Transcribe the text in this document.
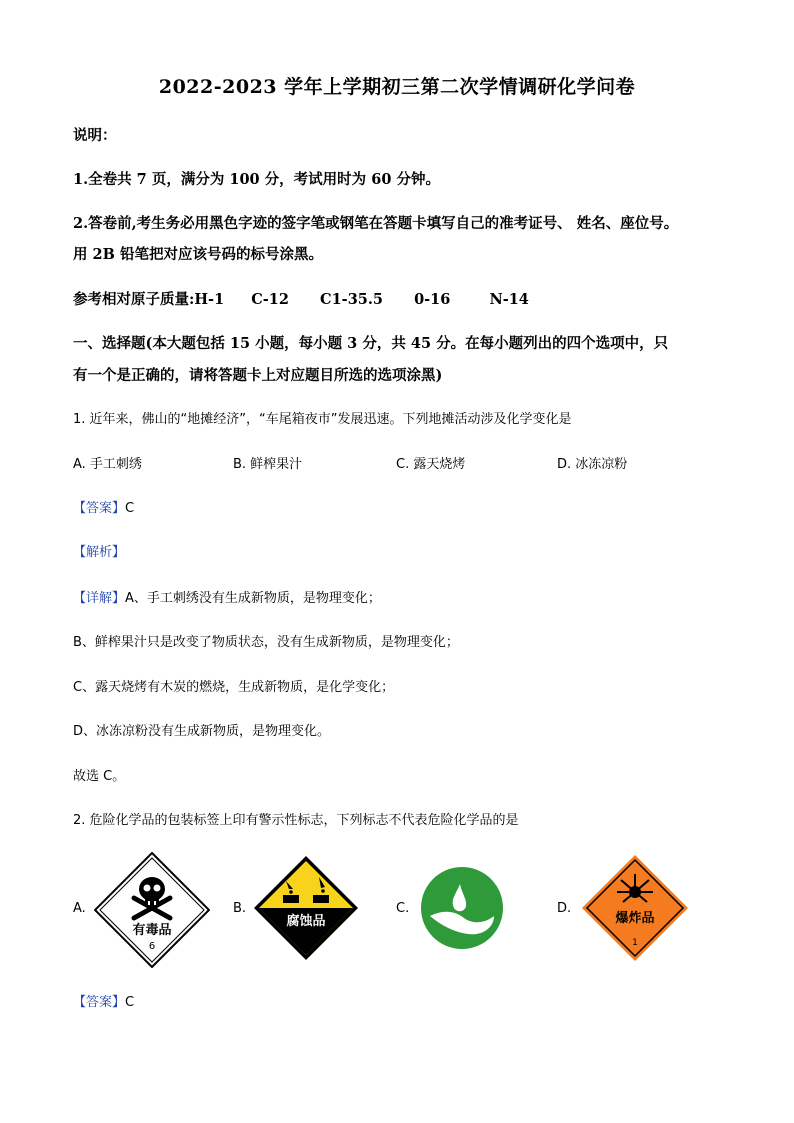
2022-2023 学年上学期初三第二次学情调研化学问卷
说明：
1.全卷共 7 页，满分为 100 分，考试用时为 60 分钟。
2.答卷前,考生务必用黑色字迹的签字笔或钢笔在答题卡填写自己的准考证号、 姓名、座位号。
用 2B 铅笔把对应该号码的标号涂黑。
参考相对原子质量:H-1 C-12 C1-35.5 0-16	N-14
一、选择题(本大题包括 15 小题，每小题 3 分，共 45 分。在每小题列出的四个选项中，只
有一个是正确的，请将答题卡上对应题目所选的选项涂黑)
1. 近年来，佛山的“地摊经济”，“车尾箱夜市”发展迅速。下列地摊活动涉及化学变化是
A. 手工刺绣	B. 鲜榨果汁	C. 露天烧烤	D. 冰冻凉粉
【答案】C
【解析】
【详解】A、手工刺绣没有生成新物质，是物理变化；
B、鲜榨果汁只是改变了物质状态，没有生成新物质，是物理变化；
C、露天烧烤有木炭的燃烧，生成新物质，是化学变化；
D、冰冻凉粉没有生成新物质，是物理变化。
故选 C。
2. 危险化学品的包装标签上印有警示性标志，下列标志不代表危险化学品的是
A.	B.	C.	D.
有毒品
6
腐蚀品	爆炸品
1
【答案】C
